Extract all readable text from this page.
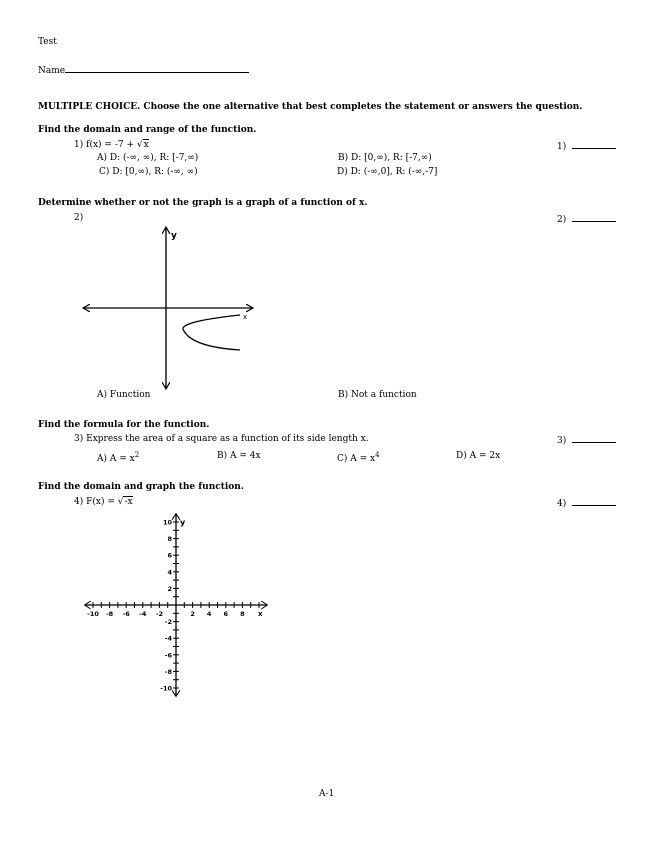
Test
Name
MULTIPLE CHOICE. Choose the one alternative that best completes the statement or answers the question.
Find the domain and range of the function.
1) f(x) = -7 + √x	1)
A) D: (-∞, ∞), R: [-7,∞)	B) D: [0,∞), R: [-7,∞)
C) D: [0,∞), R: (-∞, ∞)	D) D: (-∞,0], R: (-∞,-7]
Determine whether or not the graph is a graph of a function of x.
2)	2)
y
x
A) Function	B) Not a function
Find the formula for the function.
3) Express the area of a square as a function of its side length x.	3)
A) $A = x^2$	B) A = 4x	C) $A = x^4$	D) A = 2x
Find the domain and graph the function.
4) F(x) = √-x	4)
-10 -8 -6 -4 -2	2 4 6 8
10
8
6
4
2
-2
-4
-6
-8
-10
y
x
A-1
